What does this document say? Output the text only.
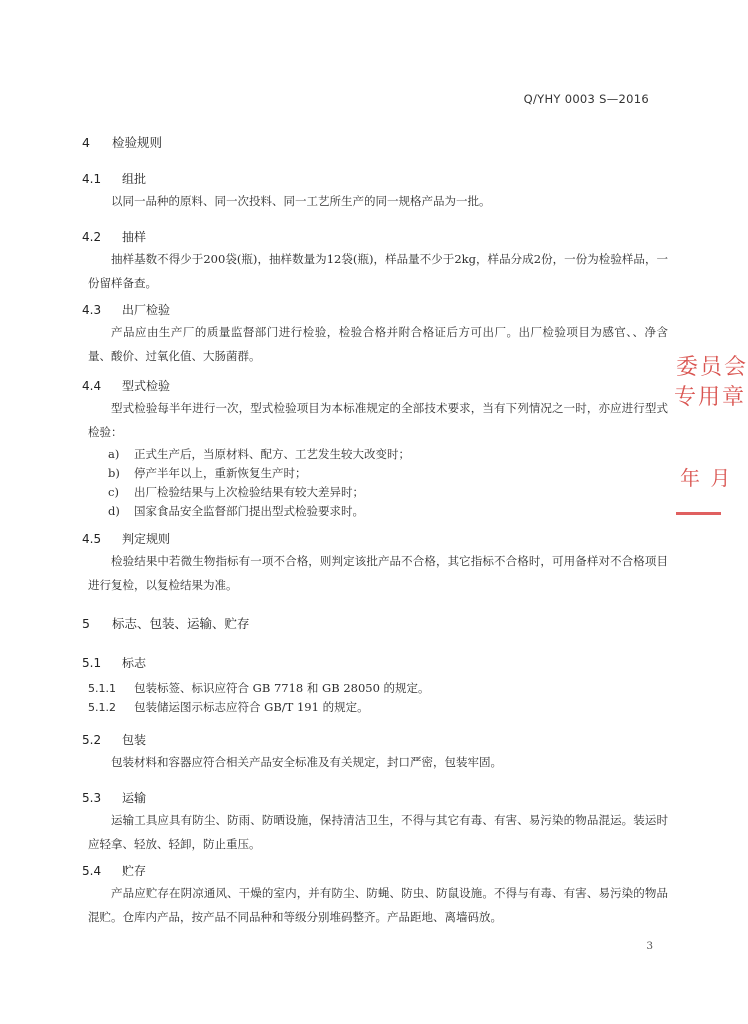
Q/YHY 0003 S—2016
4 检验规则
4.1 组批
以同一品种的原料、同一次投料、同一工艺所生产的同一规格产品为一批。
4.2 抽样
抽样基数不得少于200袋(瓶)，抽样数量为12袋(瓶)，样品量不少于2kg，样品分成2份，一份为检验样品，一份留样备查。
4.3 出厂检验
产品应由生产厂的质量监督部门进行检验，检验合格并附合格证后方可出厂。出厂检验项目为感官、、净含量、酸价、过氧化值、大肠菌群。
4.4 型式检验
型式检验每半年进行一次，型式检验项目为本标准规定的全部技术要求，当有下列情况之一时，亦应进行型式检验：
a) 正式生产后，当原材料、配方、工艺发生较大改变时；
b) 停产半年以上，重新恢复生产时；
c) 出厂检验结果与上次检验结果有较大差异时；
d) 国家食品安全监督部门提出型式检验要求时。
4.5 判定规则
检验结果中若微生物指标有一项不合格，则判定该批产品不合格，其它指标不合格时，可用备样对不合格项目进行复检，以复检结果为准。
5 标志、包装、运输、贮存
5.1 标志
5.1.1 包装标签、标识应符合 GB 7718 和 GB 28050 的规定。
5.1.2 包装储运图示标志应符合 GB/T 191 的规定。
5.2 包装
包装材料和容器应符合相关产品安全标准及有关规定，封口严密，包装牢固。
5.3 运输
运输工具应具有防尘、防雨、防晒设施，保持清洁卫生，不得与其它有毒、有害、易污染的物品混运。装运时应轻拿、轻放、轻卸，防止重压。
5.4 贮存
产品应贮存在阴凉通风、干燥的室内，并有防尘、防蝇、防虫、防鼠设施。不得与有毒、有害、易污染的物品混贮。仓库内产品，按产品不同品种和等级分别堆码整齐。产品距地、离墙码放。
3
委员会
专用章
年 月
